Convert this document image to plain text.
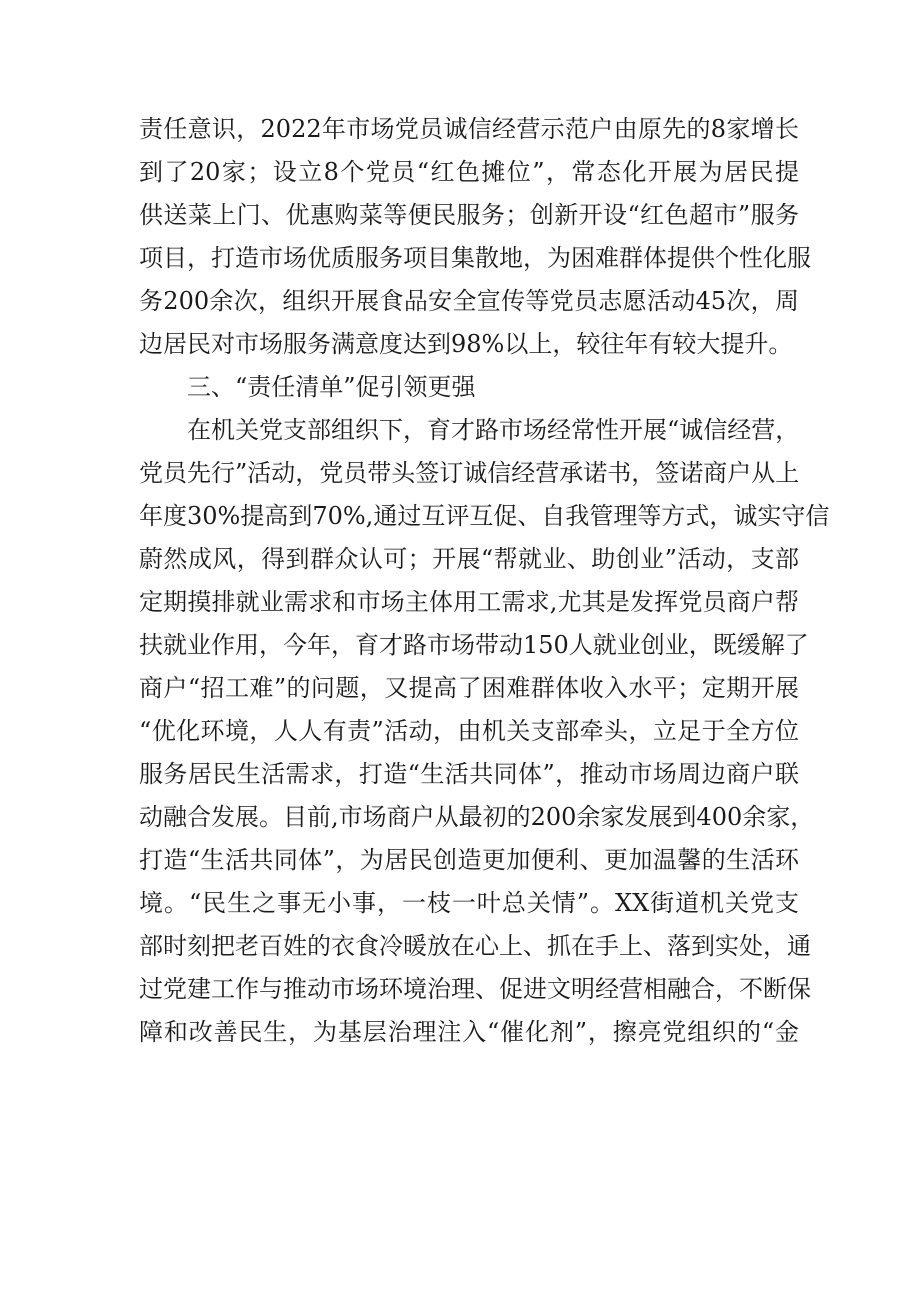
责任意识，2022年市场党员诚信经营示范户由原先的8家增长
到了20家；设立8个党员“红色摊位”，常态化开展为居民提
供送菜上门、优惠购菜等便民服务；创新开设“红色超市”服务
项目，打造市场优质服务项目集散地，为困难群体提供个性化服
务200余次，组织开展食品安全宣传等党员志愿活动45次，周
边居民对市场服务满意度达到98%以上，较往年有较大提升。
三、“责任清单”促引领更强
在机关党支部组织下，育才路市场经常性开展“诚信经营，
党员先行”活动，党员带头签订诚信经营承诺书，签诺商户从上
年度30%提高到70%,通过互评互促、自我管理等方式，诚实守信
蔚然成风，得到群众认可；开展“帮就业、助创业”活动，支部
定期摸排就业需求和市场主体用工需求,尤其是发挥党员商户帮
扶就业作用，今年，育才路市场带动150人就业创业，既缓解了
商户“招工难”的问题，又提高了困难群体收入水平；定期开展
“优化环境，人人有责”活动，由机关支部牵头，立足于全方位
服务居民生活需求，打造“生活共同体”，推动市场周边商户联
动融合发展。目前,市场商户从最初的200余家发展到400余家，
打造“生活共同体”，为居民创造更加便利、更加温馨的生活环
境。“民生之事无小事，一枝一叶总关情”。XX街道机关党支
部时刻把老百姓的衣食冷暖放在心上、抓在手上、落到实处，通
过党建工作与推动市场环境治理、促进文明经营相融合，不断保
障和改善民生，为基层治理注入“催化剂”，擦亮党组织的“金
